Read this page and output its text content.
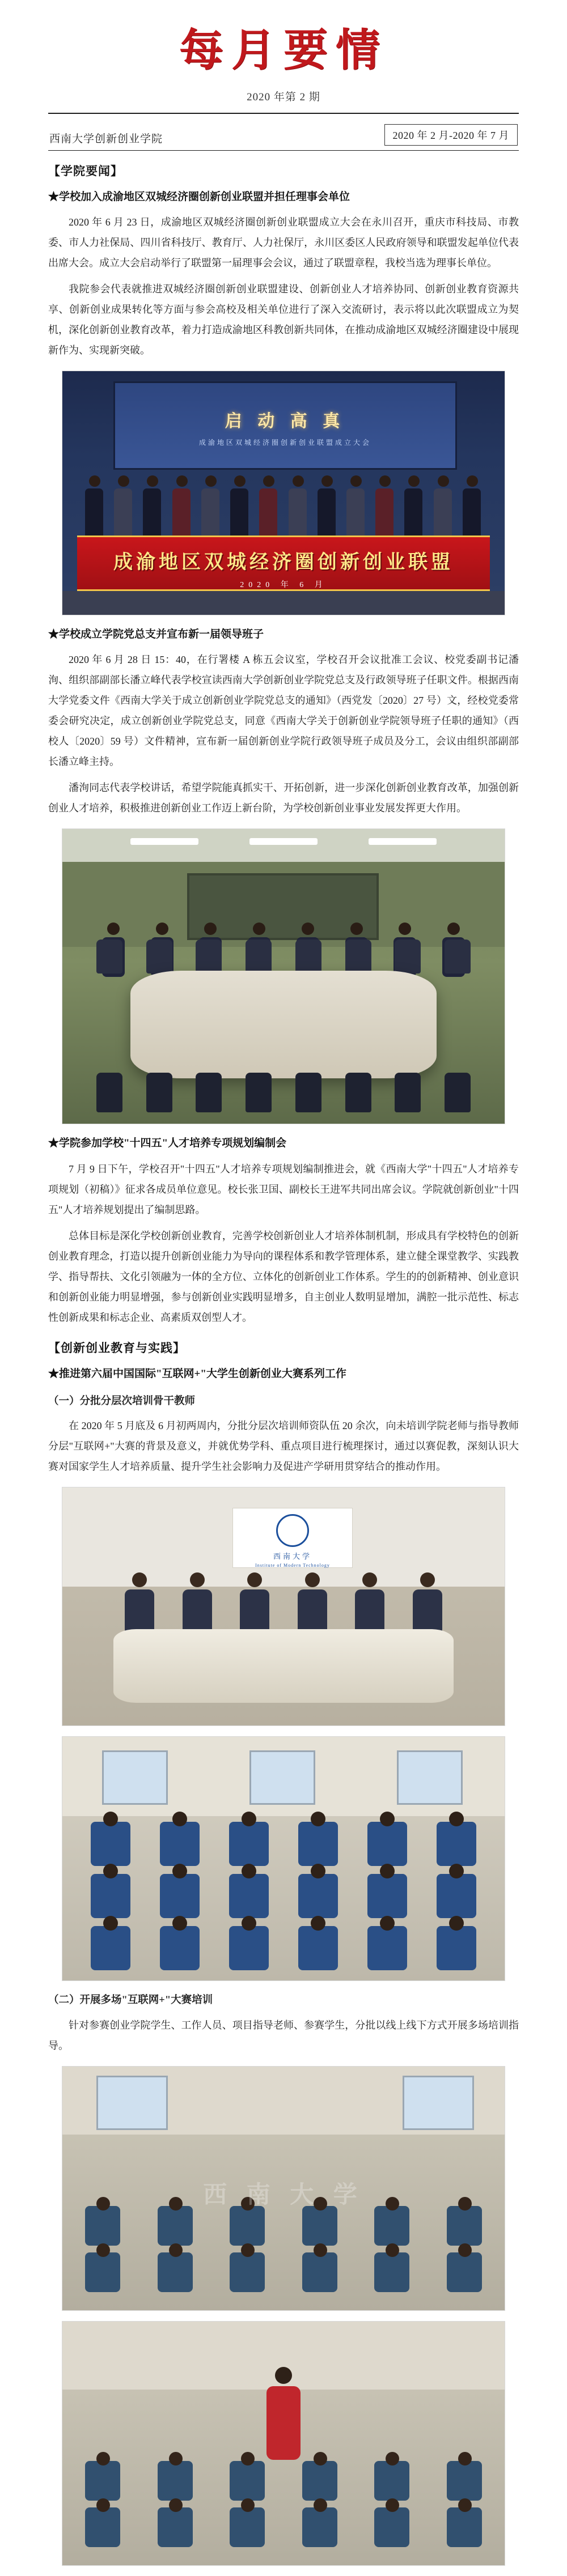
每月要情
2020 年第 2 期
西南大学创新创业学院	2020 年 2 月-2020 年 7 月
【学院要闻】
★学校加入成渝地区双城经济圈创新创业联盟并担任理事会单位

2020 年 6 月 23 日，成渝地区双城经济圈创新创业联盟成立大会在永川召开，重庆市科技局、市教委、市人力社保局、四川省科技厅、教育厅、人力社保厅，永川区委区人民政府领导和联盟发起单位代表出席大会。成立大会启动举行了联盟第一届理事会会议，通过了联盟章程，我校当选为理事长单位。

我院参会代表就推进双城经济圈创新创业联盟建设、创新创业人才培养协同、创新创业教育资源共享、创新创业成果转化等方面与参会高校及相关单位进行了深入交流研讨，表示将以此次联盟成立为契机，深化创新创业教育改革，着力打造成渝地区科教创新共同体，在推动成渝地区双城经济圈建设中展现新作为、实现新突破。

启 动 高 真
成渝地区双城经济圈创新创业联盟成立大会
成渝地区双城经济圈创新创业联盟
2020 年 6 月
★学校成立学院党总支并宣布新一届领导班子

2020 年 6 月 28 日 15：40，在行署楼 A 栋五会议室，学校召开会议批准工会议、校党委副书记潘洵、组织部副部长潘立峰代表学校宣读西南大学创新创业学院党总支及行政领导班子任职文件。根据西南大学党委文件《西南大学关于成立创新创业学院党总支的通知》（西党发〔2020〕27 号）文，经校党委常委会研究决定，成立创新创业学院党总支，同意《西南大学关于创新创业学院领导班子任职的通知》（西校人〔2020〕59 号）文件精神，宣布新一届创新创业学院行政领导班子成员及分工，会议由组织部副部长潘立峰主持。

潘洵同志代表学校讲话，希望学院能真抓实干、开拓创新，进一步深化创新创业教育改革，加强创新创业人才培养，积极推进创新创业工作迈上新台阶，为学校创新创业事业发展发挥更大作用。

★学院参加学校"十四五"人才培养专项规划编制会

7 月 9 日下午，学校召开"十四五"人才培养专项规划编制推进会，就《西南大学"十四五"人才培养专项规划（初稿）》征求各成员单位意见。校长张卫国、副校长王进军共同出席会议。学院就创新创业"十四五"人才培养规划提出了编制思路。

总体目标是深化学校创新创业教育，完善学校创新创业人才培养体制机制，形成具有学校特色的创新创业教育理念，打造以提升创新创业能力为导向的课程体系和教学管理体系，建立健全课堂教学、实践教学、指导帮扶、文化引领融为一体的全方位、立体化的创新创业工作体系。学生的的创新精神、创业意识和创新创业能力明显增强，参与创新创业实践明显增多，自主创业人数明显增加，满腔一批示范性、标志性创新成果和标志企业、高素质双创型人才。

【创新创业教育与实践】
★推进第六届中国国际"互联网+"大学生创新创业大赛系列工作
（一）分批分层次培训骨干教师

在 2020 年 5 月底及 6 月初两周内，分批分层次培训师资队伍 20 余次，向未培训学院老师与指导教师分层"互联网+"大赛的背景及意义，并就优势学科、重点项目进行梳理探讨，通过以赛促教，深刻认识大赛对国家学生人才培养质量、提升学生社会影响力及促进产学研用贯穿结合的推动作用。

西南大学
Institute of Modern Technology
（二）开展多场"互联网+"大赛培训

针对参赛创业学院学生、工作人员、项目指导老师、参赛学生，分批以线上线下方式开展多场培训指导。

西 南 大 学
